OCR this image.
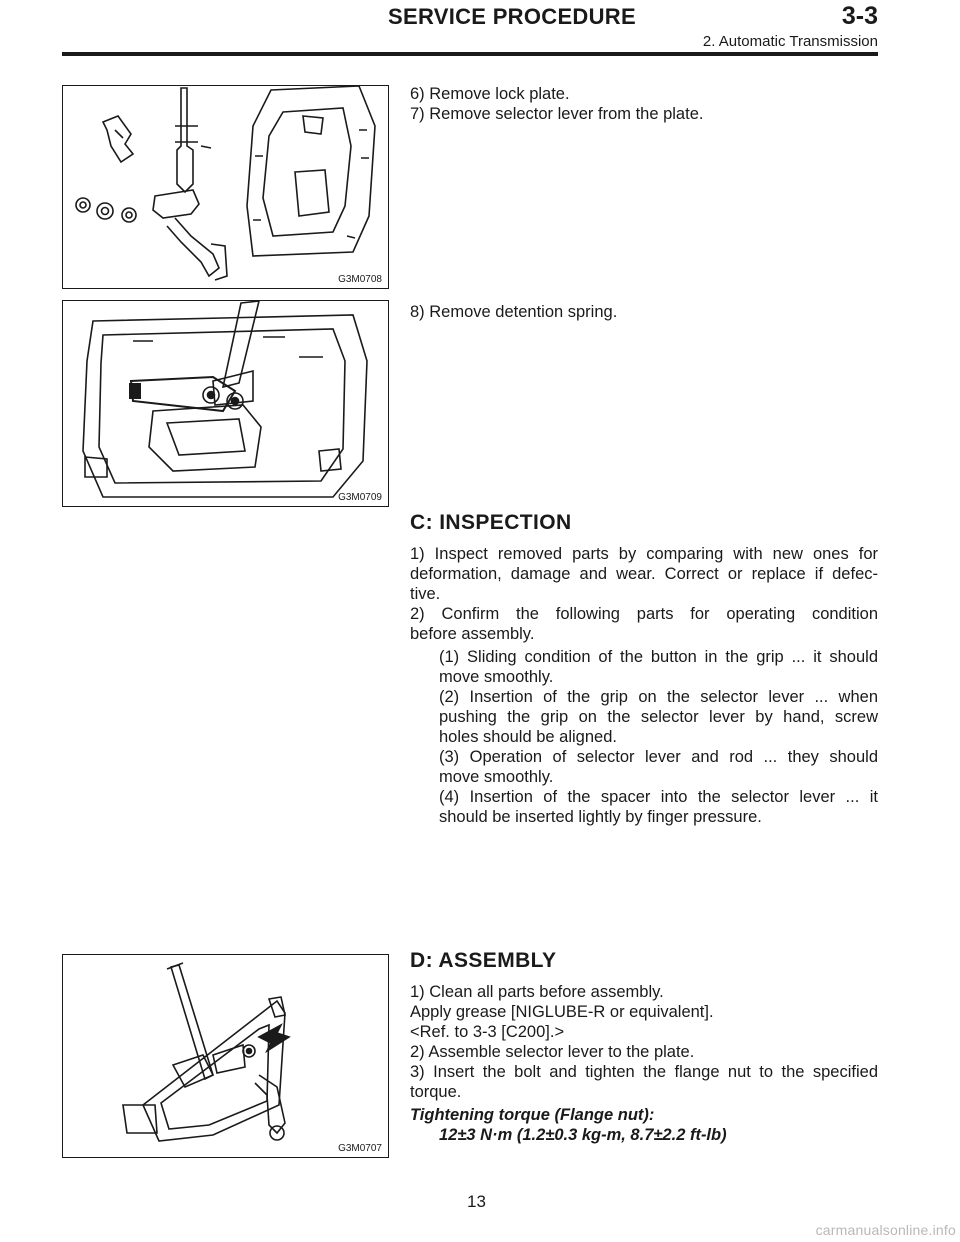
SERVICE PROCEDURE	3-3
2. Automatic Transmission
G3M0708
6) Remove lock plate.
7) Remove selector lever from the plate.
G3M0709
8) Remove detention spring.
C: INSPECTION
1) Inspect removed parts by comparing with new ones for
deformation, damage and wear. Correct or replace if defec-
tive.
2) Confirm the following parts for operating condition
before assembly.
(1) Sliding condition of the button in the grip ... it should
move smoothly.
(2) Insertion of the grip on the selector lever ... when
pushing the grip on the selector lever by hand, screw
holes should be aligned.
(3) Operation of selector lever and rod ... they should
move smoothly.
(4) Insertion of the spacer into the selector lever ... it
should be inserted lightly by finger pressure.
G3M0707
D: ASSEMBLY
1) Clean all parts before assembly.
Apply grease [NIGLUBE-R or equivalent].
<Ref. to 3-3 [C200].>
2) Assemble selector lever to the plate.
3) Insert the bolt and tighten the flange nut to the specified
torque.
Tightening torque (Flange nut):
12±3 N·m (1.2±0.3 kg-m, 8.7±2.2 ft-lb)
13
carmanualsonline.info
